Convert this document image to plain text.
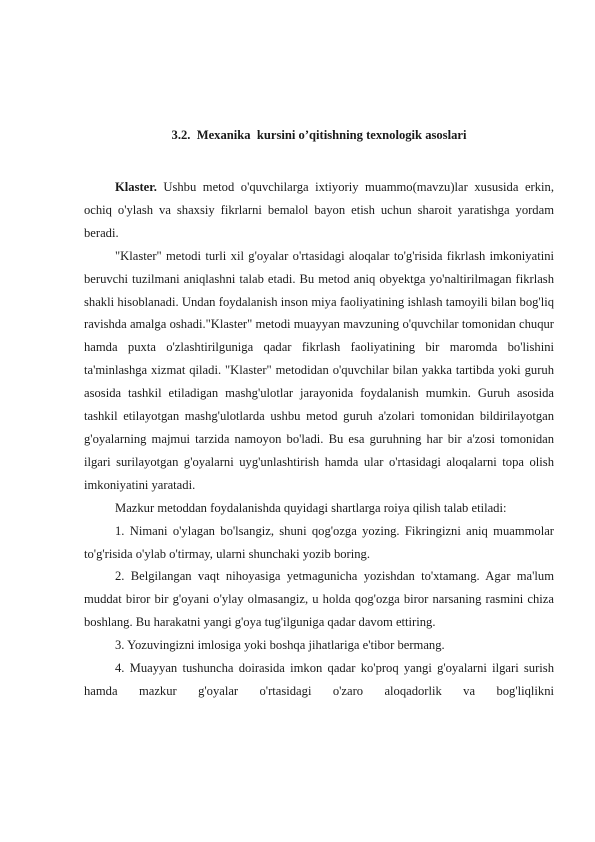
3.2.  Mexanika  kursini o’qitishning texnologik asoslari

Klaster. Ushbu metod o'quvchilarga ixtiyoriy muammo(mavzu)lar xususida erkin, ochiq o'ylash va shaxsiy fikrlarni bemalol bayon etish uchun sharoit yaratishga yordam beradi.

"Klaster" metodi turli xil g'oyalar o'rtasidagi aloqalar to'g'risida fikrlash imkoniyatini beruvchi tuzilmani aniqlashni talab etadi. Bu metod aniq obyektga yo'naltirilmagan fikrlash shakli hisoblanadi. Undan foydalanish inson miya faoliyatining ishlash tamoyili bilan bog'liq ravishda amalga oshadi."Klaster" metodi muayyan mavzuning o'quvchilar tomonidan chuqur hamda puxta o'zlashtirilguniga qadar fikrlash faoliyatining bir maromda bo'lishini ta'minlashga xizmat qiladi. "Klaster" metodidan o'quvchilar bilan yakka tartibda yoki guruh asosida tashkil etiladigan mashg'ulotlar jarayonida foydalanish mumkin. Guruh asosida tashkil etilayotgan mashg'ulotlarda ushbu metod guruh a'zolari tomonidan bildirilayotgan g'oyalarning majmui tarzida namoyon bo'ladi. Bu esa guruhning har bir a'zosi tomonidan ilgari surilayotgan g'oyalarni uyg'unlashtirish hamda ular o'rtasidagi aloqalarni topa olish imkoniyatini yaratadi.

Mazkur metoddan foydalanishda quyidagi shartlarga roiya qilish talab etiladi:

1. Nimani o'ylagan bo'lsangiz, shuni qog'ozga yozing. Fikringizni aniq muammolar to'g'risida o'ylab o'tirmay, ularni shunchaki yozib boring.

2. Belgilangan vaqt nihoyasiga yetmagunicha yozishdan to'xtamang. Agar ma'lum muddat biror bir g'oyani o'ylay olmasangiz, u holda qog'ozga biror narsaning rasmini chiza boshlang. Bu harakatni yangi g'oya tug'ilguniga qadar davom ettiring.

3. Yozuvingizni imlosiga yoki boshqa jihatlariga e'tibor bermang.

4. Muayyan tushuncha doirasida imkon qadar ko'proq yangi g'oyalarni ilgari surish hamda mazkur g'oyalar o'rtasidagi o'zaro aloqadorlik va bog'liqlikni
